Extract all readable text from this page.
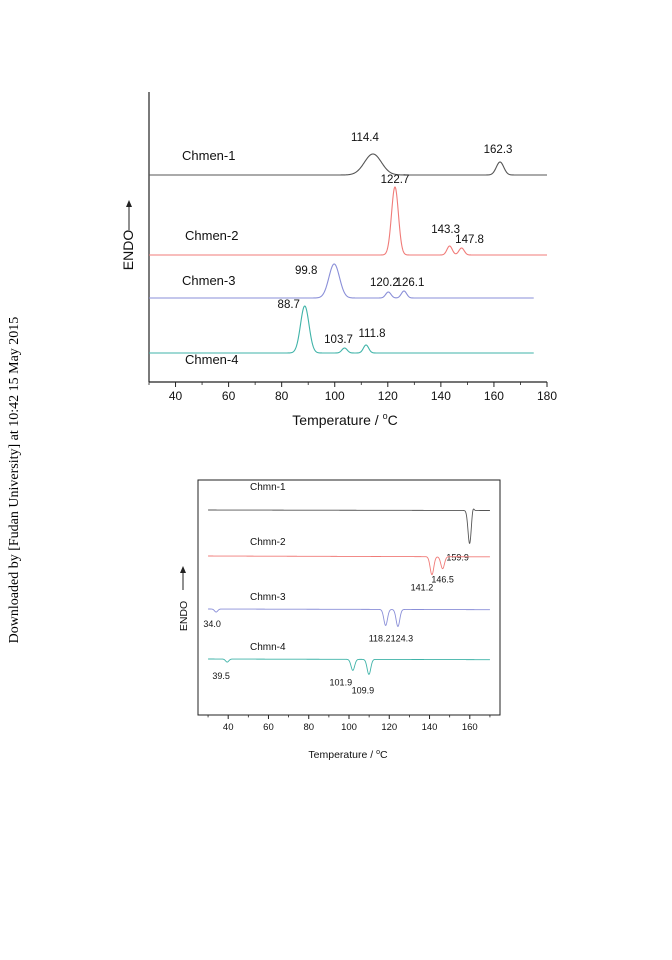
Downloaded by [Fudan University] at 10:42 15 May 2015	40	60	80	100	120	140	160	180
Temperature / $^o$C
ENDO
Chmen-1
114.4
162.3
Chmen-2
122.7
143.3
147.8
Chmen-3
99.8
120.2
126.1
Chmen-4
88.7
103.7 111.8
40	60	80	100	120	140	160
Temperature / $^o$C
ENDO
Chmn-1
159.9
Chmn-2
141.2
146.5
Chmn-3
34.0
118.2 124.3
Chmn-4
39.5
101.9
109.9
